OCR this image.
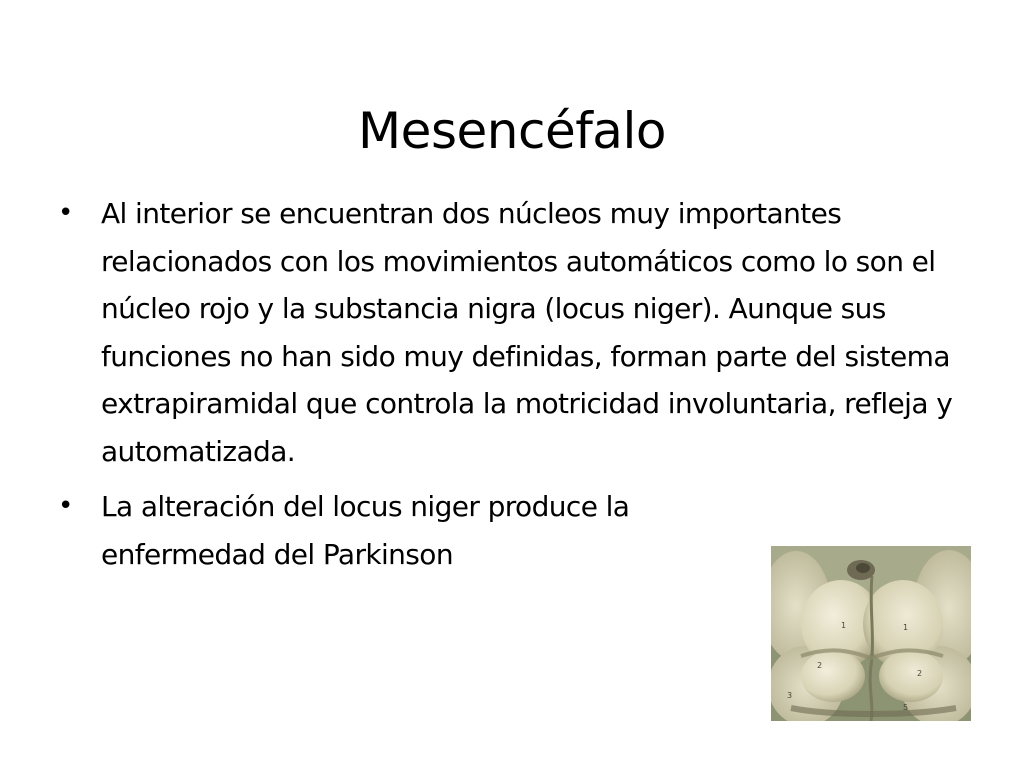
Mesencéfalo
• Al interior se encuentran dos núcleos muy importantes relacionados con los movimientos automáticos como lo son el núcleo rojo y la substancia nigra (locus niger). Aunque sus funciones no han sido muy definidas, forman parte del sistema extrapiramidal que controla la motricidad involuntaria, refleja y automatizada.
• La alteración del locus niger produce la enfermedad del Parkinson
1	1
2
2
3
5
